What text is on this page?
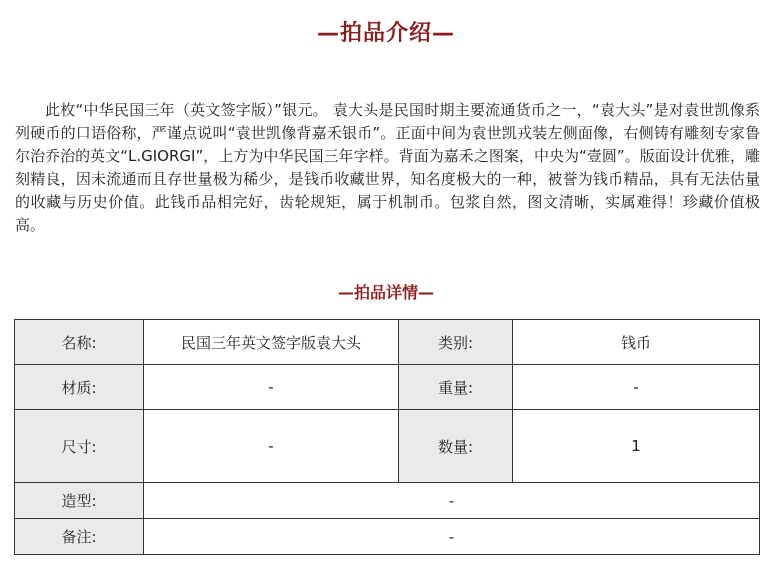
—拍品介绍—

此枚“中华民国三年（英文签字版）”银元。 袁大头是民国时期主要流通货币之一，“袁大头”是对袁世凯像系列硬币的口语俗称，严谨点说叫“袁世凯像背嘉禾银币”。正面中间为袁世凯戎装左侧面像，右侧铸有雕刻专家鲁尔治乔治的英文“L.GIORGI”，上方为中华民国三年字样。背面为嘉禾之图案，中央为“壹圆”。版面设计优雅，雕刻精良，因未流通而且存世量极为稀少，是钱币收藏世界，知名度极大的一种，被誉为钱币精品，具有无法估量的收藏与历史价值。此钱币品相完好，齿轮规矩，属于机制币。包浆自然，图文清晰，实属难得！珍藏价值极高。

—拍品详情—
名称:	民国三年英文签字版袁大头	类别:	钱币
材质:	-	重量:	-
尺寸:	-	数量:	1
造型:	-		
备注:	-		
